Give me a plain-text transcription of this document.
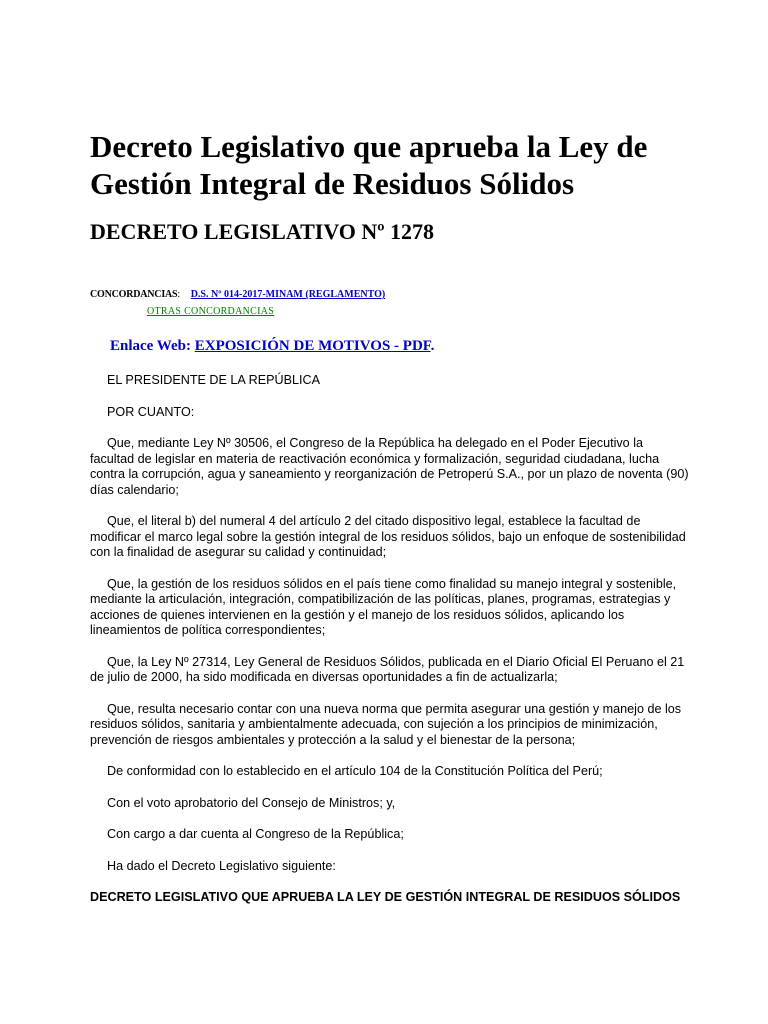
Decreto Legislativo que aprueba la Ley de Gestión Integral de Residuos Sólidos
DECRETO LEGISLATIVO Nº 1278
CONCORDANCIAS: D.S. Nº 014-2017-MINAM (REGLAMENTO)
OTRAS CONCORDANCIAS
Enlace Web: EXPOSICIÓN DE MOTIVOS - PDF.

EL PRESIDENTE DE LA REPÚBLICA

POR CUANTO:

Que, mediante Ley Nº 30506, el Congreso de la República ha delegado en el Poder Ejecutivo la facultad de legislar en materia de reactivación económica y formalización, seguridad ciudadana, lucha contra la corrupción, agua y saneamiento y reorganización de Petroperú S.A., por un plazo de noventa (90) días calendario;

Que, el literal b) del numeral 4 del artículo 2 del citado dispositivo legal, establece la facultad de modificar el marco legal sobre la gestión integral de los residuos sólidos, bajo un enfoque de sostenibilidad con la finalidad de asegurar su calidad y continuidad;

Que, la gestión de los residuos sólidos en el país tiene como finalidad su manejo integral y sostenible, mediante la articulación, integración, compatibilización de las políticas, planes, programas, estrategias y acciones de quienes intervienen en la gestión y el manejo de los residuos sólidos, aplicando los lineamientos de política correspondientes;

Que, la Ley Nº 27314, Ley General de Residuos Sólidos, publicada en el Diario Oficial El Peruano el 21 de julio de 2000, ha sido modificada en diversas oportunidades a fin de actualizarla;

Que, resulta necesario contar con una nueva norma que permita asegurar una gestión y manejo de los residuos sólidos, sanitaria y ambientalmente adecuada, con sujeción a los principios de minimización, prevención de riesgos ambientales y protección a la salud y el bienestar de la persona;

De conformidad con lo establecido en el artículo 104 de la Constitución Política del Perú;

Con el voto aprobatorio del Consejo de Ministros; y,

Con cargo a dar cuenta al Congreso de la República;

Ha dado el Decreto Legislativo siguiente:

DECRETO LEGISLATIVO QUE APRUEBA LA LEY DE GESTIÓN INTEGRAL DE RESIDUOS SÓLIDOS
